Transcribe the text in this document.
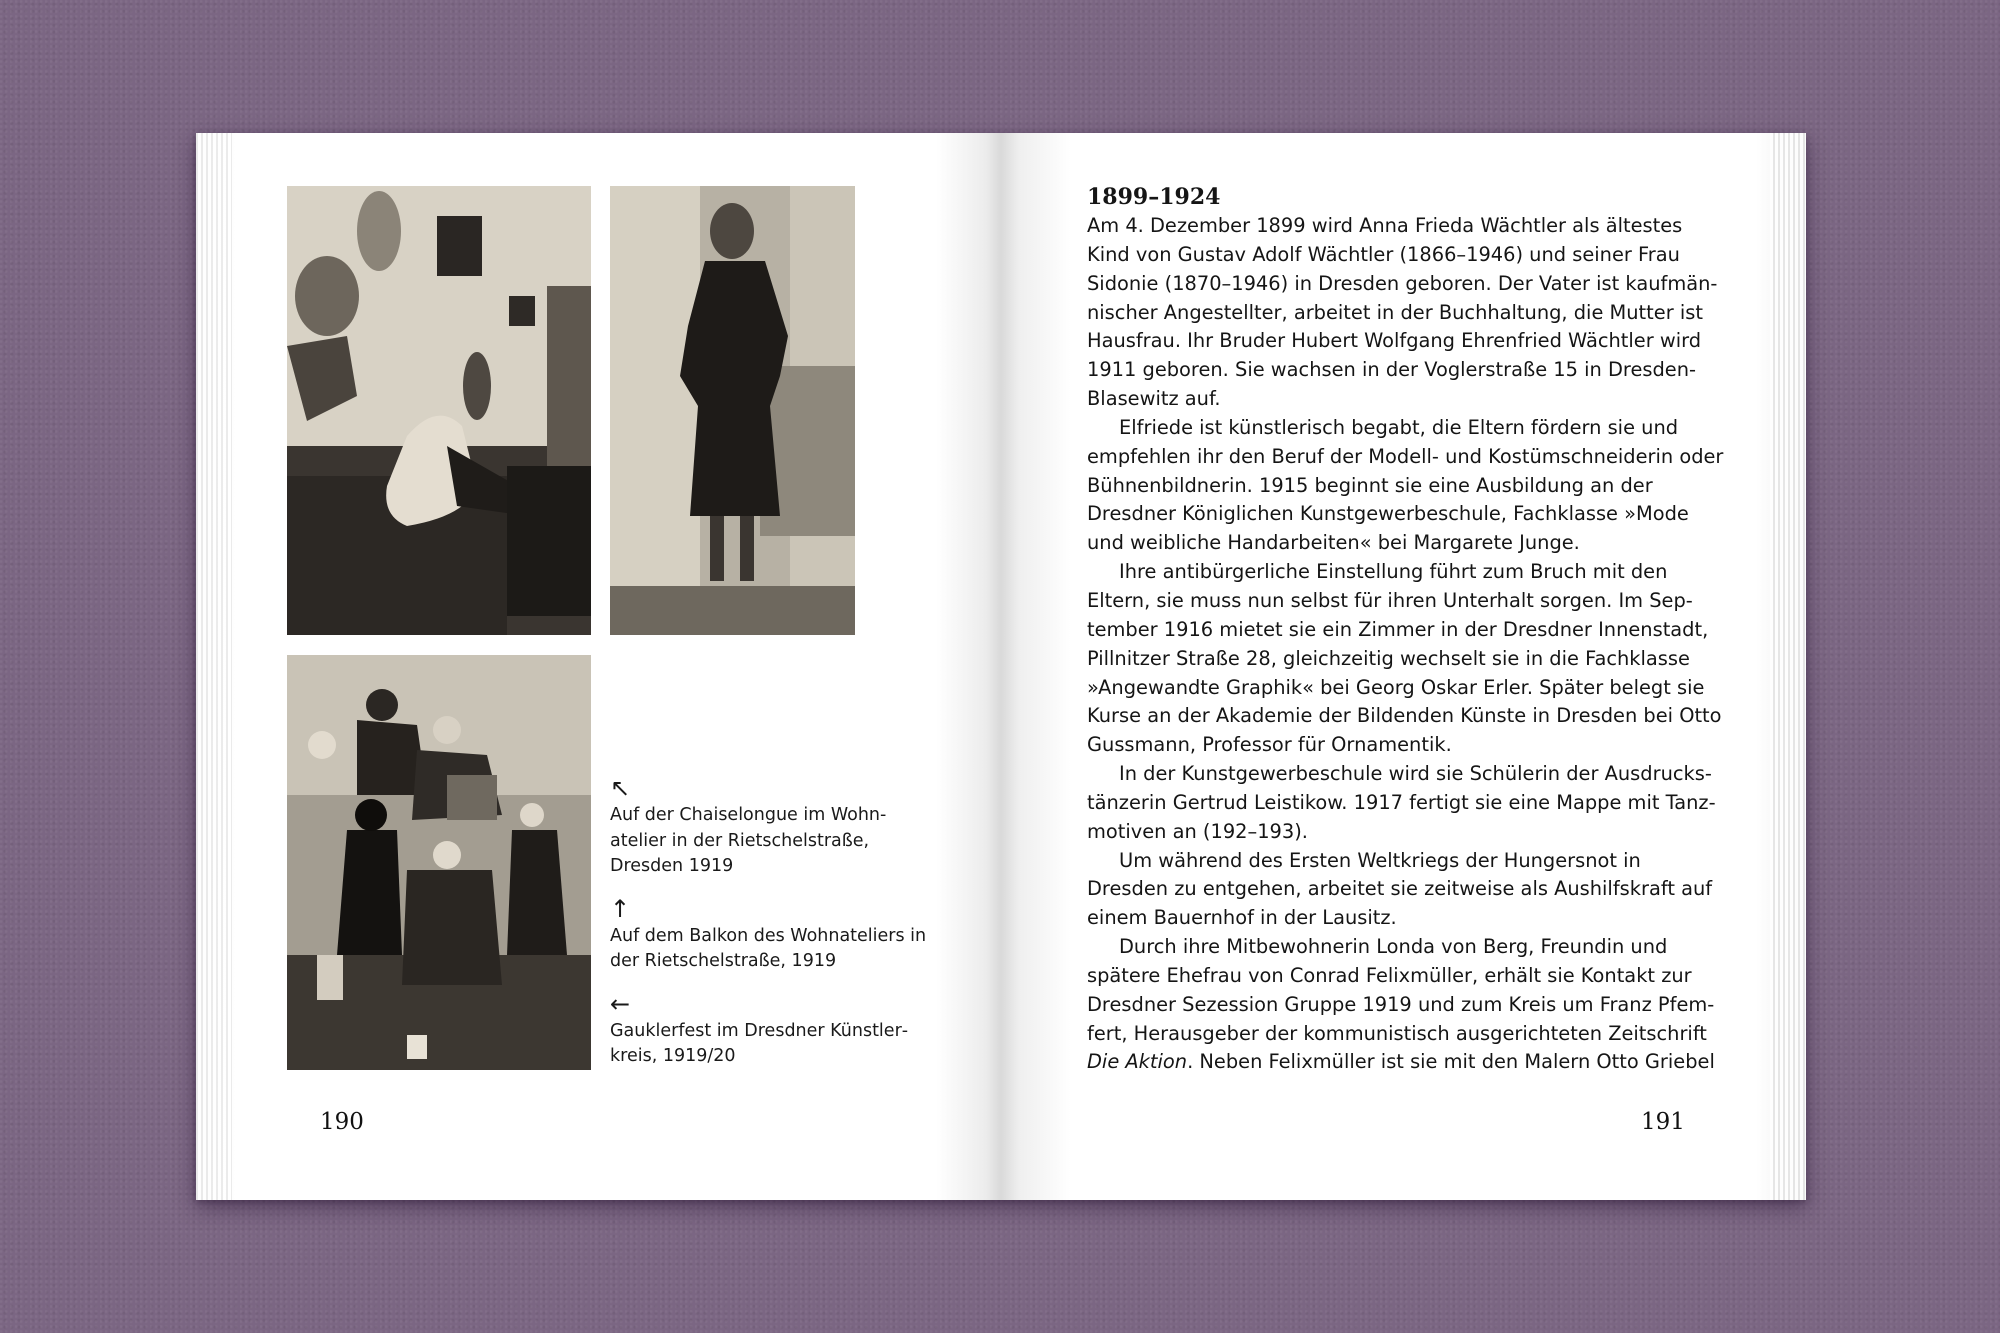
↖
Auf der Chaiselongue im Wohnatelier in der Rietschelstraße, Dresden 1919
↑
Auf dem Balkon des Wohnateliers in der Rietschelstraße, 1919
←
Gauklerfest im Dresdner Künstlerkreis, 1919/20
190	191
1899–1924

Am 4. Dezember 1899 wird Anna Frieda Wächtler als ältestes Kind von Gustav Adolf Wächtler (1866–1946) und seiner Frau Sidonie (1870–1946) in Dresden geboren. Der Vater ist kaufmännischer Angestellter, arbeitet in der Buchhaltung, die Mutter ist Hausfrau. Ihr Bruder Hubert Wolfgang Ehrenfried Wächtler wird 1911 geboren. Sie wachsen in der Voglerstraße 15 in Dresden-Blasewitz auf.

Elfriede ist künstlerisch begabt, die Eltern fördern sie und empfehlen ihr den Beruf der Modell- und Kostümschneiderin oder Bühnenbildnerin. 1915 beginnt sie eine Ausbildung an der Dresdner Königlichen Kunstgewerbeschule, Fachklasse »Mode und weibliche Handarbeiten« bei Margarete Junge.

Ihre antibürgerliche Einstellung führt zum Bruch mit den Eltern, sie muss nun selbst für ihren Unterhalt sorgen. Im September 1916 mietet sie ein Zimmer in der Dresdner Innenstadt, Pillnitzer Straße 28, gleichzeitig wechselt sie in die Fachklasse »Angewandte Graphik« bei Georg Oskar Erler. Später belegt sie Kurse an der Akademie der Bildenden Künste in Dresden bei Otto Gussmann, Professor für Ornamentik.

In der Kunstgewerbeschule wird sie Schülerin der Ausdruckstänzerin Gertrud Leistikow. 1917 fertigt sie eine Mappe mit Tanzmotiven an (192–193).

Um während des Ersten Weltkriegs der Hungersnot in Dresden zu entgehen, arbeitet sie zeitweise als Aushilfskraft auf einem Bauernhof in der Lausitz.

Durch ihre Mitbewohnerin Londa von Berg, Freundin und spätere Ehefrau von Conrad Felixmüller, erhält sie Kontakt zur Dresdner Sezession Gruppe 1919 und zum Kreis um Franz Pfemfert, Herausgeber der kommunistisch ausgerichteten Zeitschrift Die Aktion. Neben Felixmüller ist sie mit den Malern Otto Griebel
